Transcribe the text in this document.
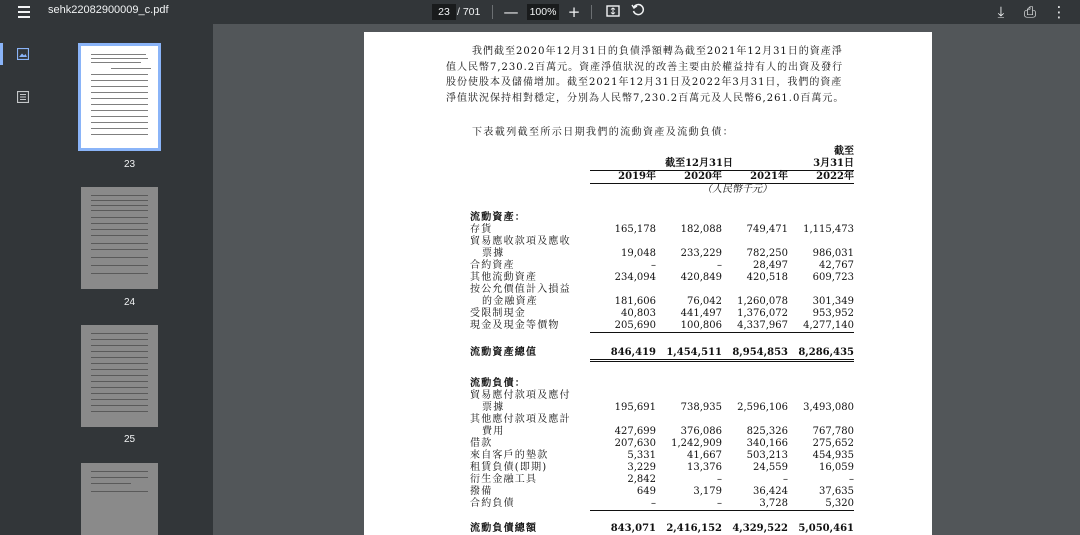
sehk22082900009_c.pdf	23 / 701 — 100% +	⤓	⎙ ⋮
23
24
25
我們截至2020年12月31日的負債淨額轉為截至2021年12月31日的資產淨值人民幣7,230.2百萬元。資產淨值狀況的改善主要由於權益持有人的出資及發行股份使股本及儲備增加。截至2021年12月31日及2022年3月31日，我們的資產淨值狀況保持相對穩定，分別為人民幣7,230.2百萬元及人民幣6,261.0百萬元。
下表載列截至所示日期我們的流動資產及流動負債：
				截至
	截至12月31日			3月31日
	2019年	2020年	2021年	2022年
	（人民幣千元）			

流動資產：				
存貨	165,178	182,088	749,471	1,115,473
貿易應收款項及應收				
票據	19,048	233,229	782,250	986,031
合約資產	–	–	28,497	42,767
其他流動資產	234,094	420,849	420,518	609,723
按公允價值計入損益				
的金融資產	181,606	76,042	1,260,078	301,349
受限制現金	40,803	441,497	1,376,072	953,952
現金及現金等價物	205,690	100,806	4,337,967	4,277,140

流動資產總值	846,419	1,454,511	8,954,853	8,286,435

流動負債：				
貿易應付款項及應付				
票據	195,691	738,935	2,596,106	3,493,080
其他應付款項及應計				
費用	427,699	376,086	825,326	767,780
借款	207,630	1,242,909	340,166	275,652
來自客戶的墊款	5,331	41,667	503,213	454,935
租賃負債(即期)	3,229	13,376	24,559	16,059
衍生金融工具	2,842	–	–	–
撥備	649	3,179	36,424	37,635
合約負債	–	–	3,728	5,320

流動負債總額	843,071	2,416,152	4,329,522	5,050,461
